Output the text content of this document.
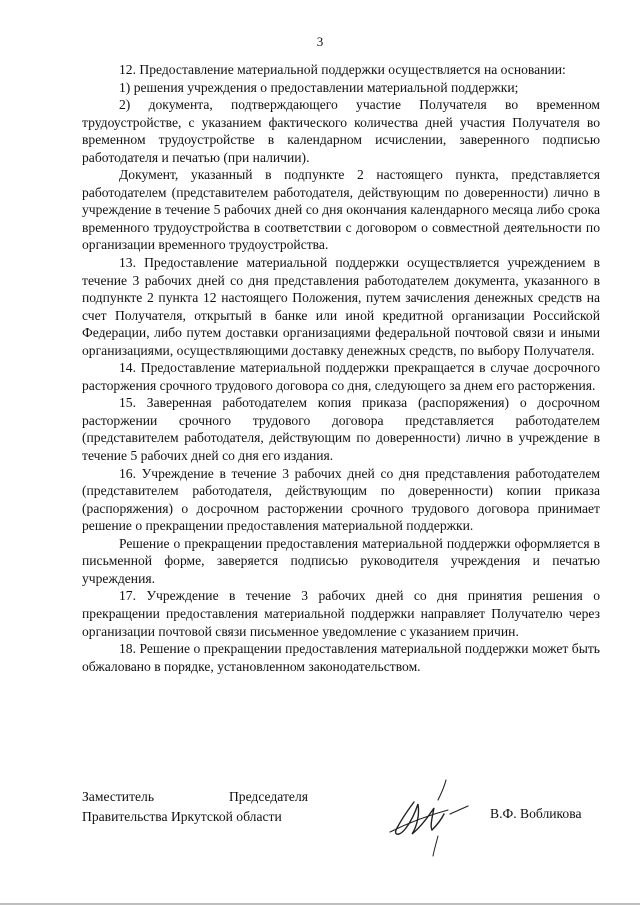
3

12. Предоставление материальной поддержки осуществляется на основании:

1) решения учреждения о предоставлении материальной поддержки;

2) документа, подтверждающего участие Получателя во временном трудоустройстве, с указанием фактического количества дней участия Получателя во временном трудоустройстве в календарном исчислении, заверенного подписью работодателя и печатью (при наличии).

Документ, указанный в подпункте 2 настоящего пункта, представляется работодателем (представителем работодателя, действующим по доверенности) лично в учреждение в течение 5 рабочих дней со дня окончания календарного месяца либо срока временного трудоустройства в соответствии с договором о совместной деятельности по организации временного трудоустройства.

13. Предоставление материальной поддержки осуществляется учреждением в течение 3 рабочих дней со дня представления работодателем документа, указанного в подпункте 2 пункта 12 настоящего Положения, путем зачисления денежных средств на счет Получателя, открытый в банке или иной кредитной организации Российской Федерации, либо путем доставки организациями федеральной почтовой связи и иными организациями, осуществляющими доставку денежных средств, по выбору Получателя.

14. Предоставление материальной поддержки прекращается в случае досрочного расторжения срочного трудового договора со дня, следующего за днем его расторжения.

15. Заверенная работодателем копия приказа (распоряжения) о досрочном расторжении срочного трудового договора представляется работодателем (представителем работодателя, действующим по доверенности) лично в учреждение в течение 5 рабочих дней со дня его издания.

16. Учреждение в течение 3 рабочих дней со дня представления работодателем (представителем работодателя, действующим по доверенности) копии приказа (распоряжения) о досрочном расторжении срочного трудового договора принимает решение о прекращении предоставления материальной поддержки.

Решение о прекращении предоставления материальной поддержки оформляется в письменной форме, заверяется подписью руководителя учреждения и печатью учреждения.

17. Учреждение в течение 3 рабочих дней со дня принятия решения о прекращении предоставления материальной поддержки направляет Получателю через организации почтовой связи письменное уведомление с указанием причин.

18. Решение о прекращении предоставления материальной поддержки может быть обжаловано в порядке, установленном законодательством.

Заместитель	Председателя
Правительства Иркутской области	В.Ф. Вобликова
